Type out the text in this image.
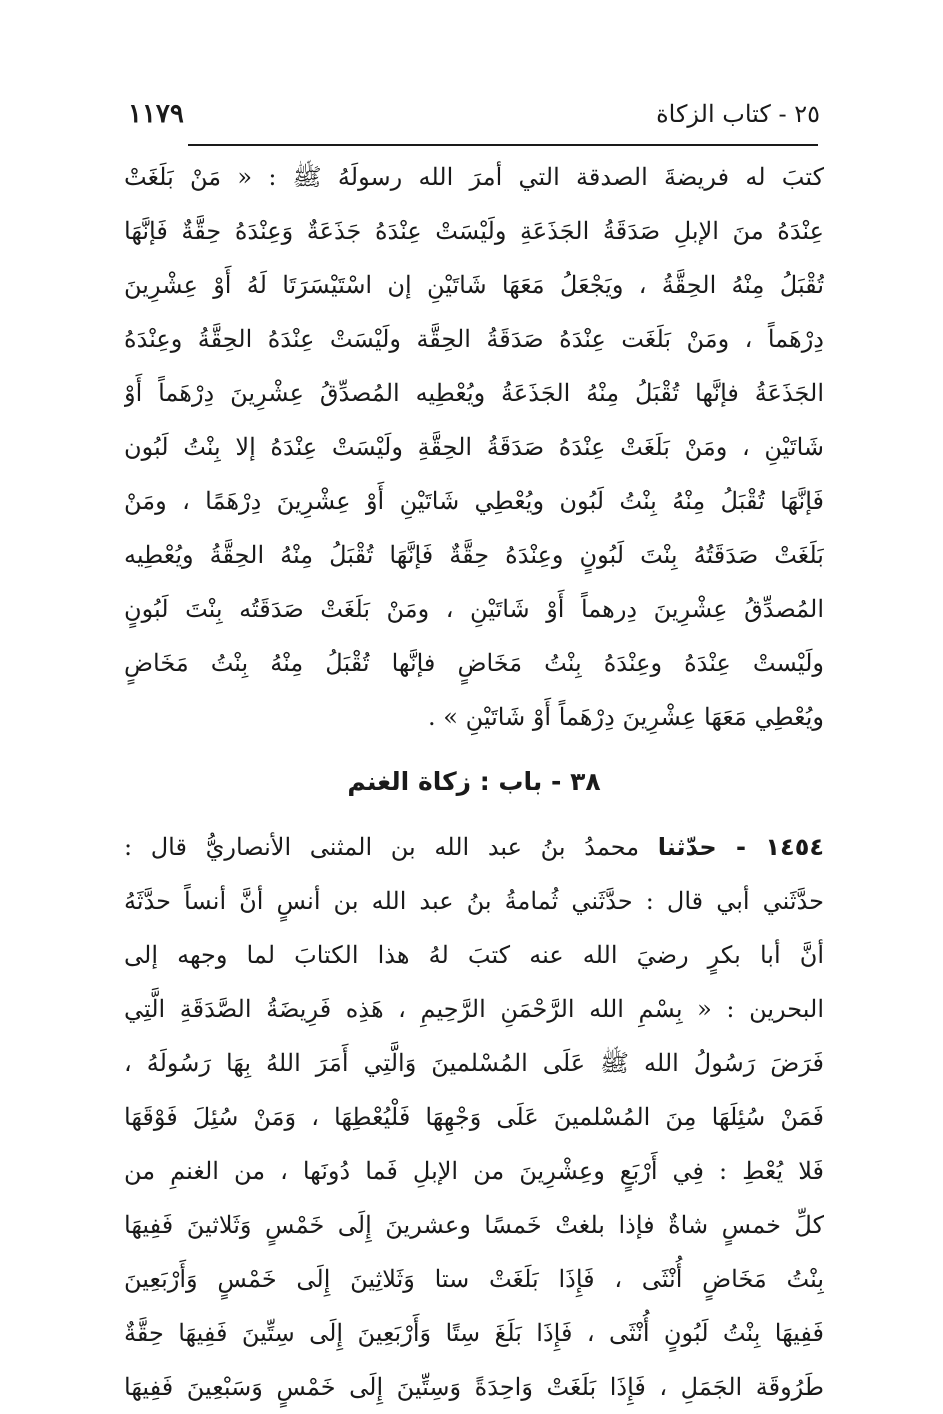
٢٥ - كتاب الزكاة
١١٧٩
كتبَ له فريضةَ الصدقة التي أمرَ الله رسولَهُ ﷺ : « مَنْ بَلَغَتْ
عِنْدَهُ منَ الإبلِ صَدَقَةُ الجَذَعَةِ ولَيْسَتْ عِنْدَهُ جَذَعَةٌ وَعِنْدَهُ حِقَّةٌ فَإنَّهَا
تُقْبَلُ مِنْهُ الحِقَّةُ ، ويَجْعَلُ مَعَهَا شَاتَيْنِ إن اسْتَيْسَرَتَا لَهُ أَوْ عِشْرِينَ
دِرْهَماً ، ومَنْ بَلَغَت عِنْدَهُ صَدَقَةُ الحِقَّة ولَيْسَتْ عِنْدَهُ الحِقَّةُ وعِنْدَهُ
الجَذَعَةُ فإنَّها تُقْبَلُ مِنْهُ الجَذَعَةُ ويُعْطِيه المُصدِّقُ عِشْرِينَ دِرْهَماً أَوْ
شَاتَيْنِ ، ومَنْ بَلَغَتْ عِنْدَهُ صَدَقَةُ الحِقَّةِ ولَيْسَتْ عِنْدَهُ إلا بِنْتُ لَبُون
فَإنَّهَا تُقْبَلُ مِنْهُ بِنْتُ لَبُون ويُعْطِي شَاتَيْنِ أَوْ عِشْرِينَ دِرْهَمًا ، ومَنْ
بَلَغَتْ صَدَقَتُهُ بِنْتَ لَبُونٍ وعِنْدَهُ حِقَّةٌ فَإنَّهَا تُقْبَلُ مِنْهُ الحِقَّةُ ويُعْطِيه
المُصدِّقُ عِشْرِينَ دِرهماً أَوْ شَاتَيْنِ ، ومَنْ بَلَغَتْ صَدَقَتُه بِنْتَ لَبُونٍ
ولَيْستْ عِنْدَهُ وعِنْدَهُ بِنْتُ مَخَاضٍ فإنَّها تُقْبَلُ مِنْهُ بِنْتُ مَخَاضٍ
ويُعْطِي مَعَهَا عِشْرِينَ دِرْهَماً أَوْ شَاتَيْنِ » .
٣٨ - باب : زكاة الغنم
١٤٥٤ - حدّثنا محمدُ بنُ عبد الله بن المثنى الأنصاريُّ قال :
حدَّثَني أبي قال : حدَّثَني ثُمامةُ بنُ عبد الله بن أنسٍ أنَّ أنساً حدَّثَهُ
أنَّ أبا بكرٍ رضيَ الله عنه كتبَ لهُ هذا الكتابَ لما وجهه إلى
البحرين : « بِسْمِ الله الرَّحْمَنِ الرَّحِيمِ ، هَذِه فَرِيضَةُ الصَّدَقَةِ الَّتِي
فَرَضَ رَسُولُ الله ﷺ عَلَى المُسْلمينَ وَالَّتِي أَمَرَ اللهُ بِهَا رَسُولَهُ ،
فَمَنْ سُئِلَهَا مِنَ المُسْلمينَ عَلَى وَجْهِهَا فَلْيُعْطِهَا ، وَمَنْ سُئِلَ فَوْقَهَا
فَلا يُعْطِ : فِي أَرْبَعٍ وعِشْرِينَ من الإبلِ فَما دُونَها ، من الغنمِ من
كلِّ خمسٍ شاةٌ فإذا بلغتْ خَمسًا وعشرينَ إِلَى خَمْسٍ وَثَلاثينَ فَفِيهَا
بِنْتُ مَخَاضٍ أُنْثَى ، فَإِذَا بَلَغَتْ ستا وَثَلاثِينَ إِلَى خَمْسٍ وَأَرْبَعِينَ
فَفِيهَا بِنْتُ لَبُونٍ أُنْثَى ، فَإِذَا بَلَغَ سِتًا وَأَرْبَعِينَ إِلَى سِتِّينَ فَفِيهَا حِقَّةٌ
طَرُوقَة الجَمَلِ ، فَإِذَا بَلَغَتْ وَاحِدَةً وَسِتِّينَ إِلَى خَمْسٍ وَسَبْعِينَ فَفِيهَا
